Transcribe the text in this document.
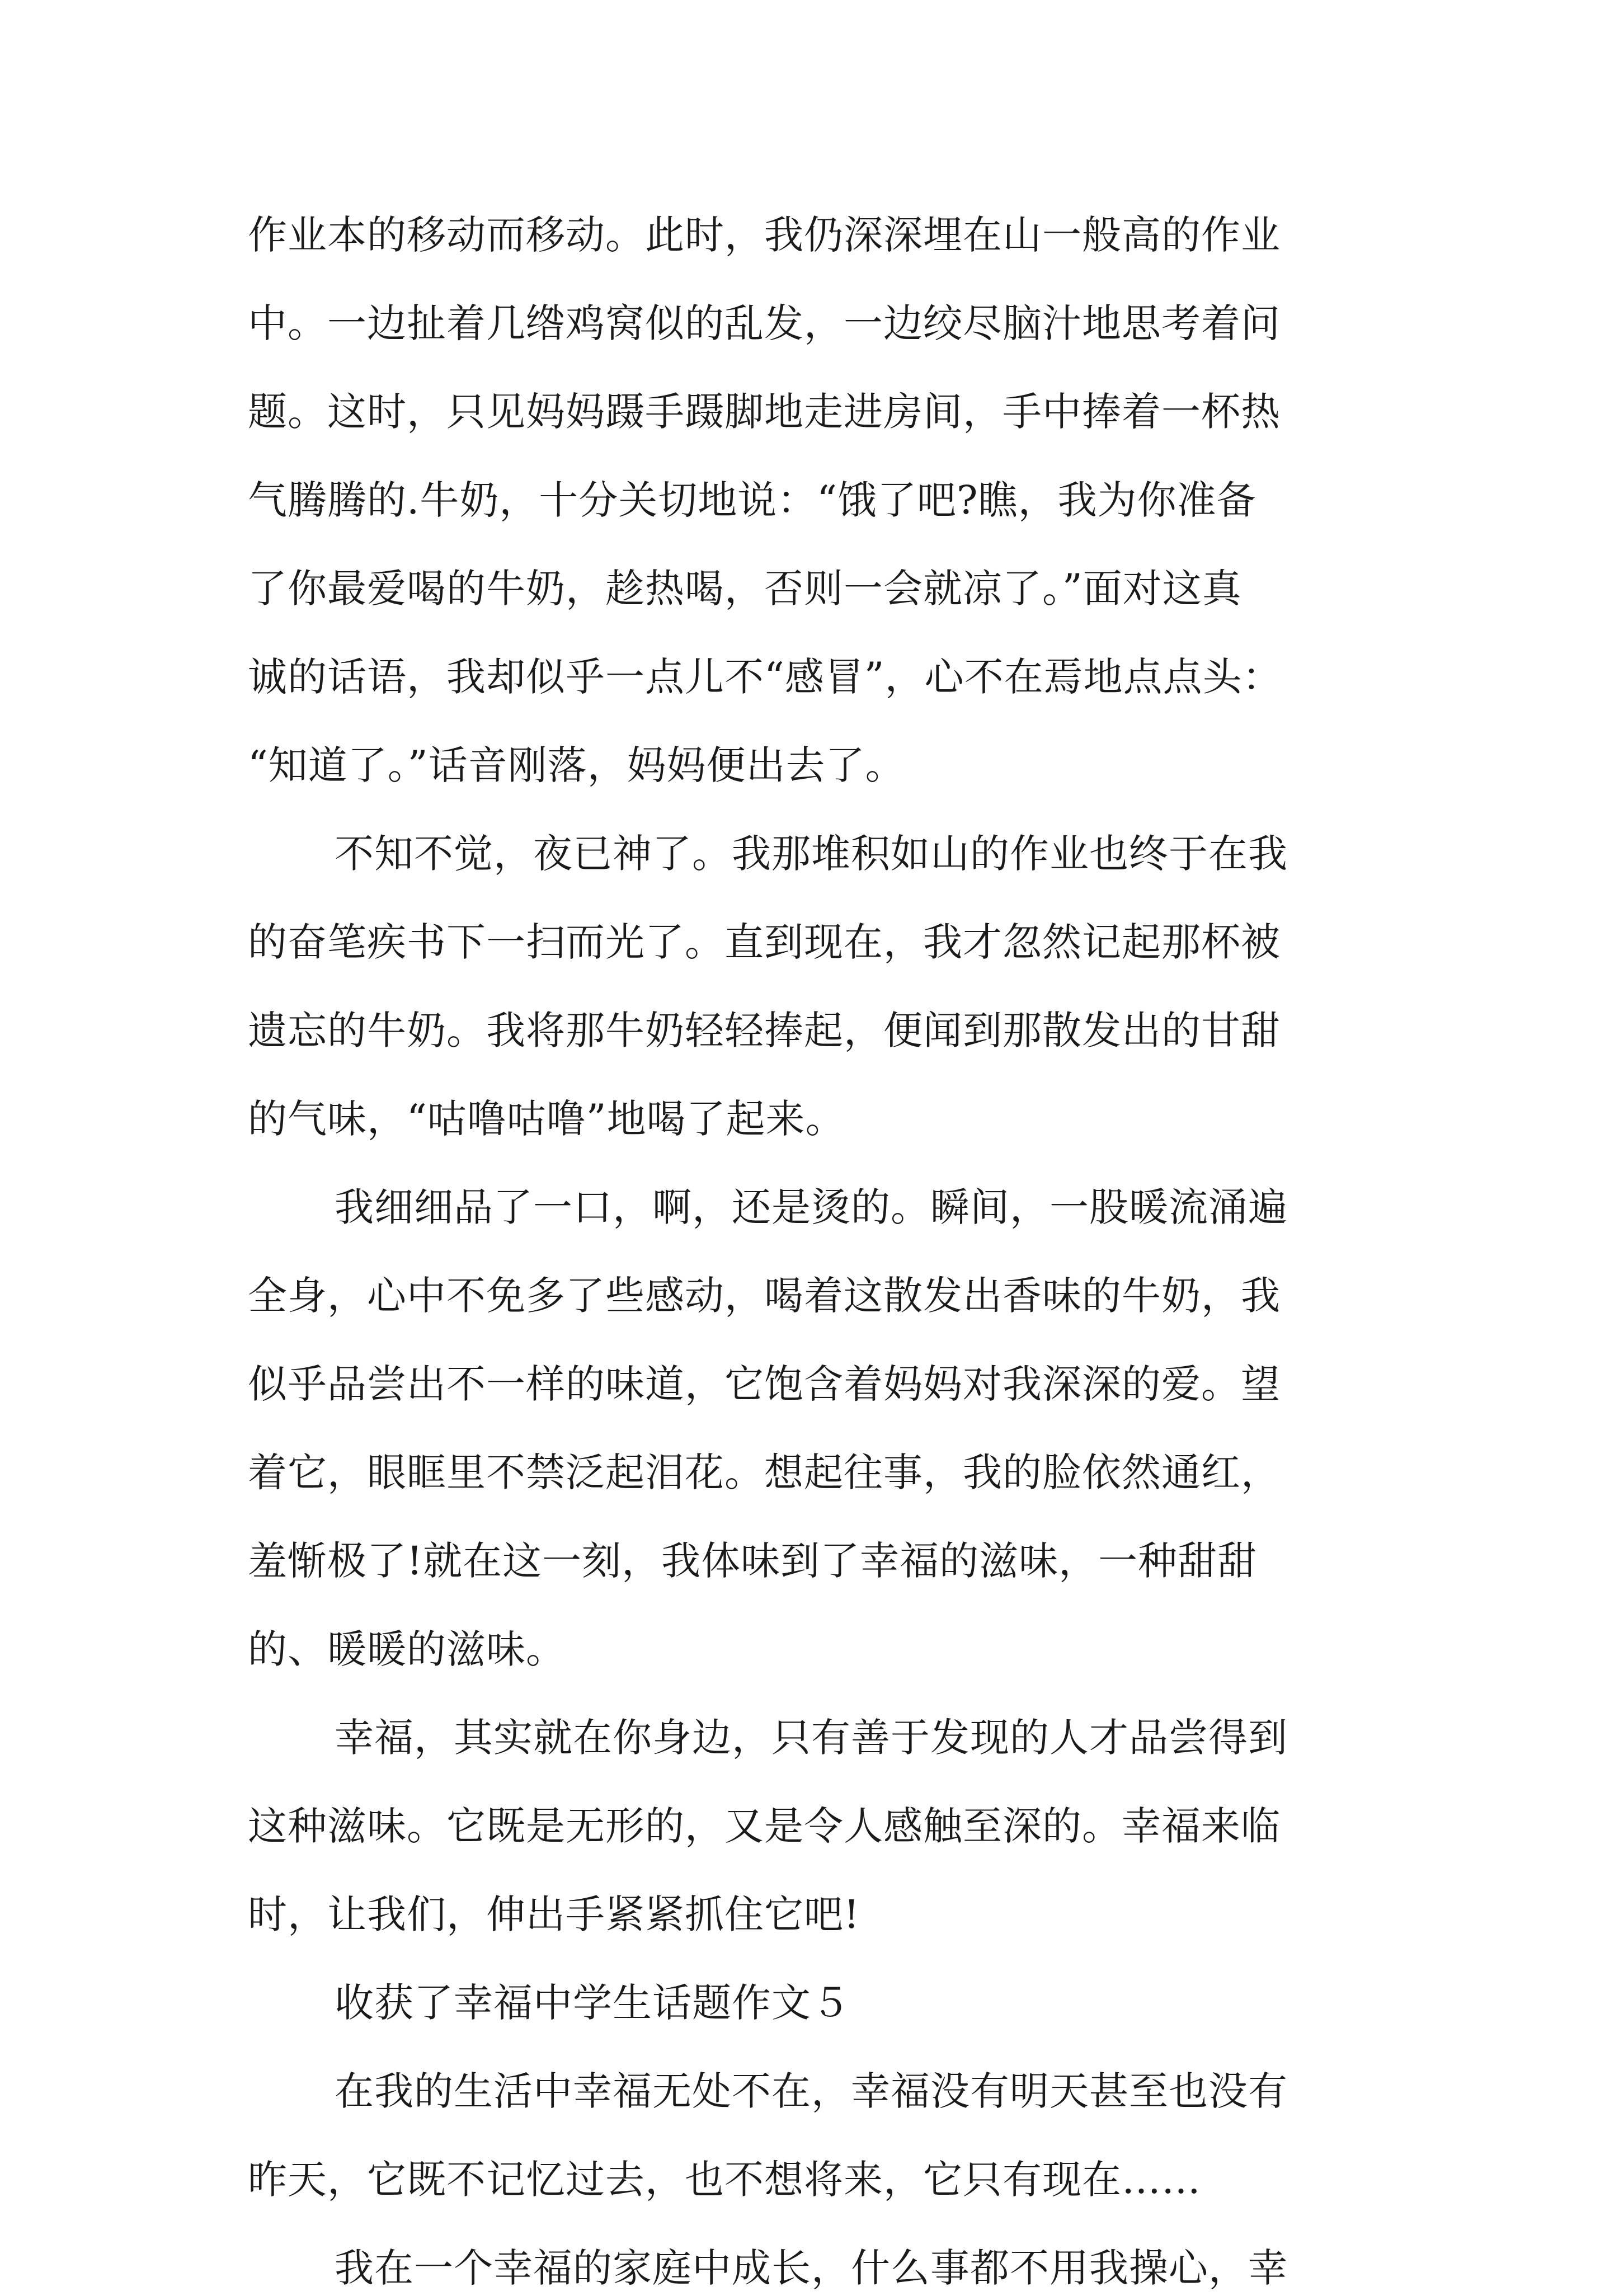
作业本的移动而移动。此时，我仍深深埋在山一般高的作业
中。一边扯着几绺鸡窝似的乱发，一边绞尽脑汁地思考着问
题。这时，只见妈妈蹑手蹑脚地走进房间，手中捧着一杯热
气腾腾的.牛奶，十分关切地说：“饿了吧?瞧，我为你准备
了你最爱喝的牛奶，趁热喝，否则一会就凉了。”面对这真
诚的话语，我却似乎一点儿不“感冒”，心不在焉地点点头：
“知道了。”话音刚落，妈妈便出去了。
不知不觉，夜已神了。我那堆积如山的作业也终于在我
的奋笔疾书下一扫而光了。直到现在，我才忽然记起那杯被
遗忘的牛奶。我将那牛奶轻轻捧起，便闻到那散发出的甘甜
的气味，“咕噜咕噜”地喝了起来。
我细细品了一口，啊，还是烫的。瞬间，一股暖流涌遍
全身，心中不免多了些感动，喝着这散发出香味的牛奶，我
似乎品尝出不一样的味道，它饱含着妈妈对我深深的爱。望
着它，眼眶里不禁泛起泪花。想起往事，我的脸依然通红，
羞惭极了!就在这一刻，我体味到了幸福的滋味，一种甜甜
的、暖暖的滋味。
幸福，其实就在你身边，只有善于发现的人才品尝得到
这种滋味。它既是无形的，又是令人感触至深的。幸福来临
时，让我们，伸出手紧紧抓住它吧!
收获了幸福中学生话题作文５
在我的生活中幸福无处不在，幸福没有明天甚至也没有
昨天，它既不记忆过去，也不想将来，它只有现在……
我在一个幸福的家庭中成长，什么事都不用我操心，幸
